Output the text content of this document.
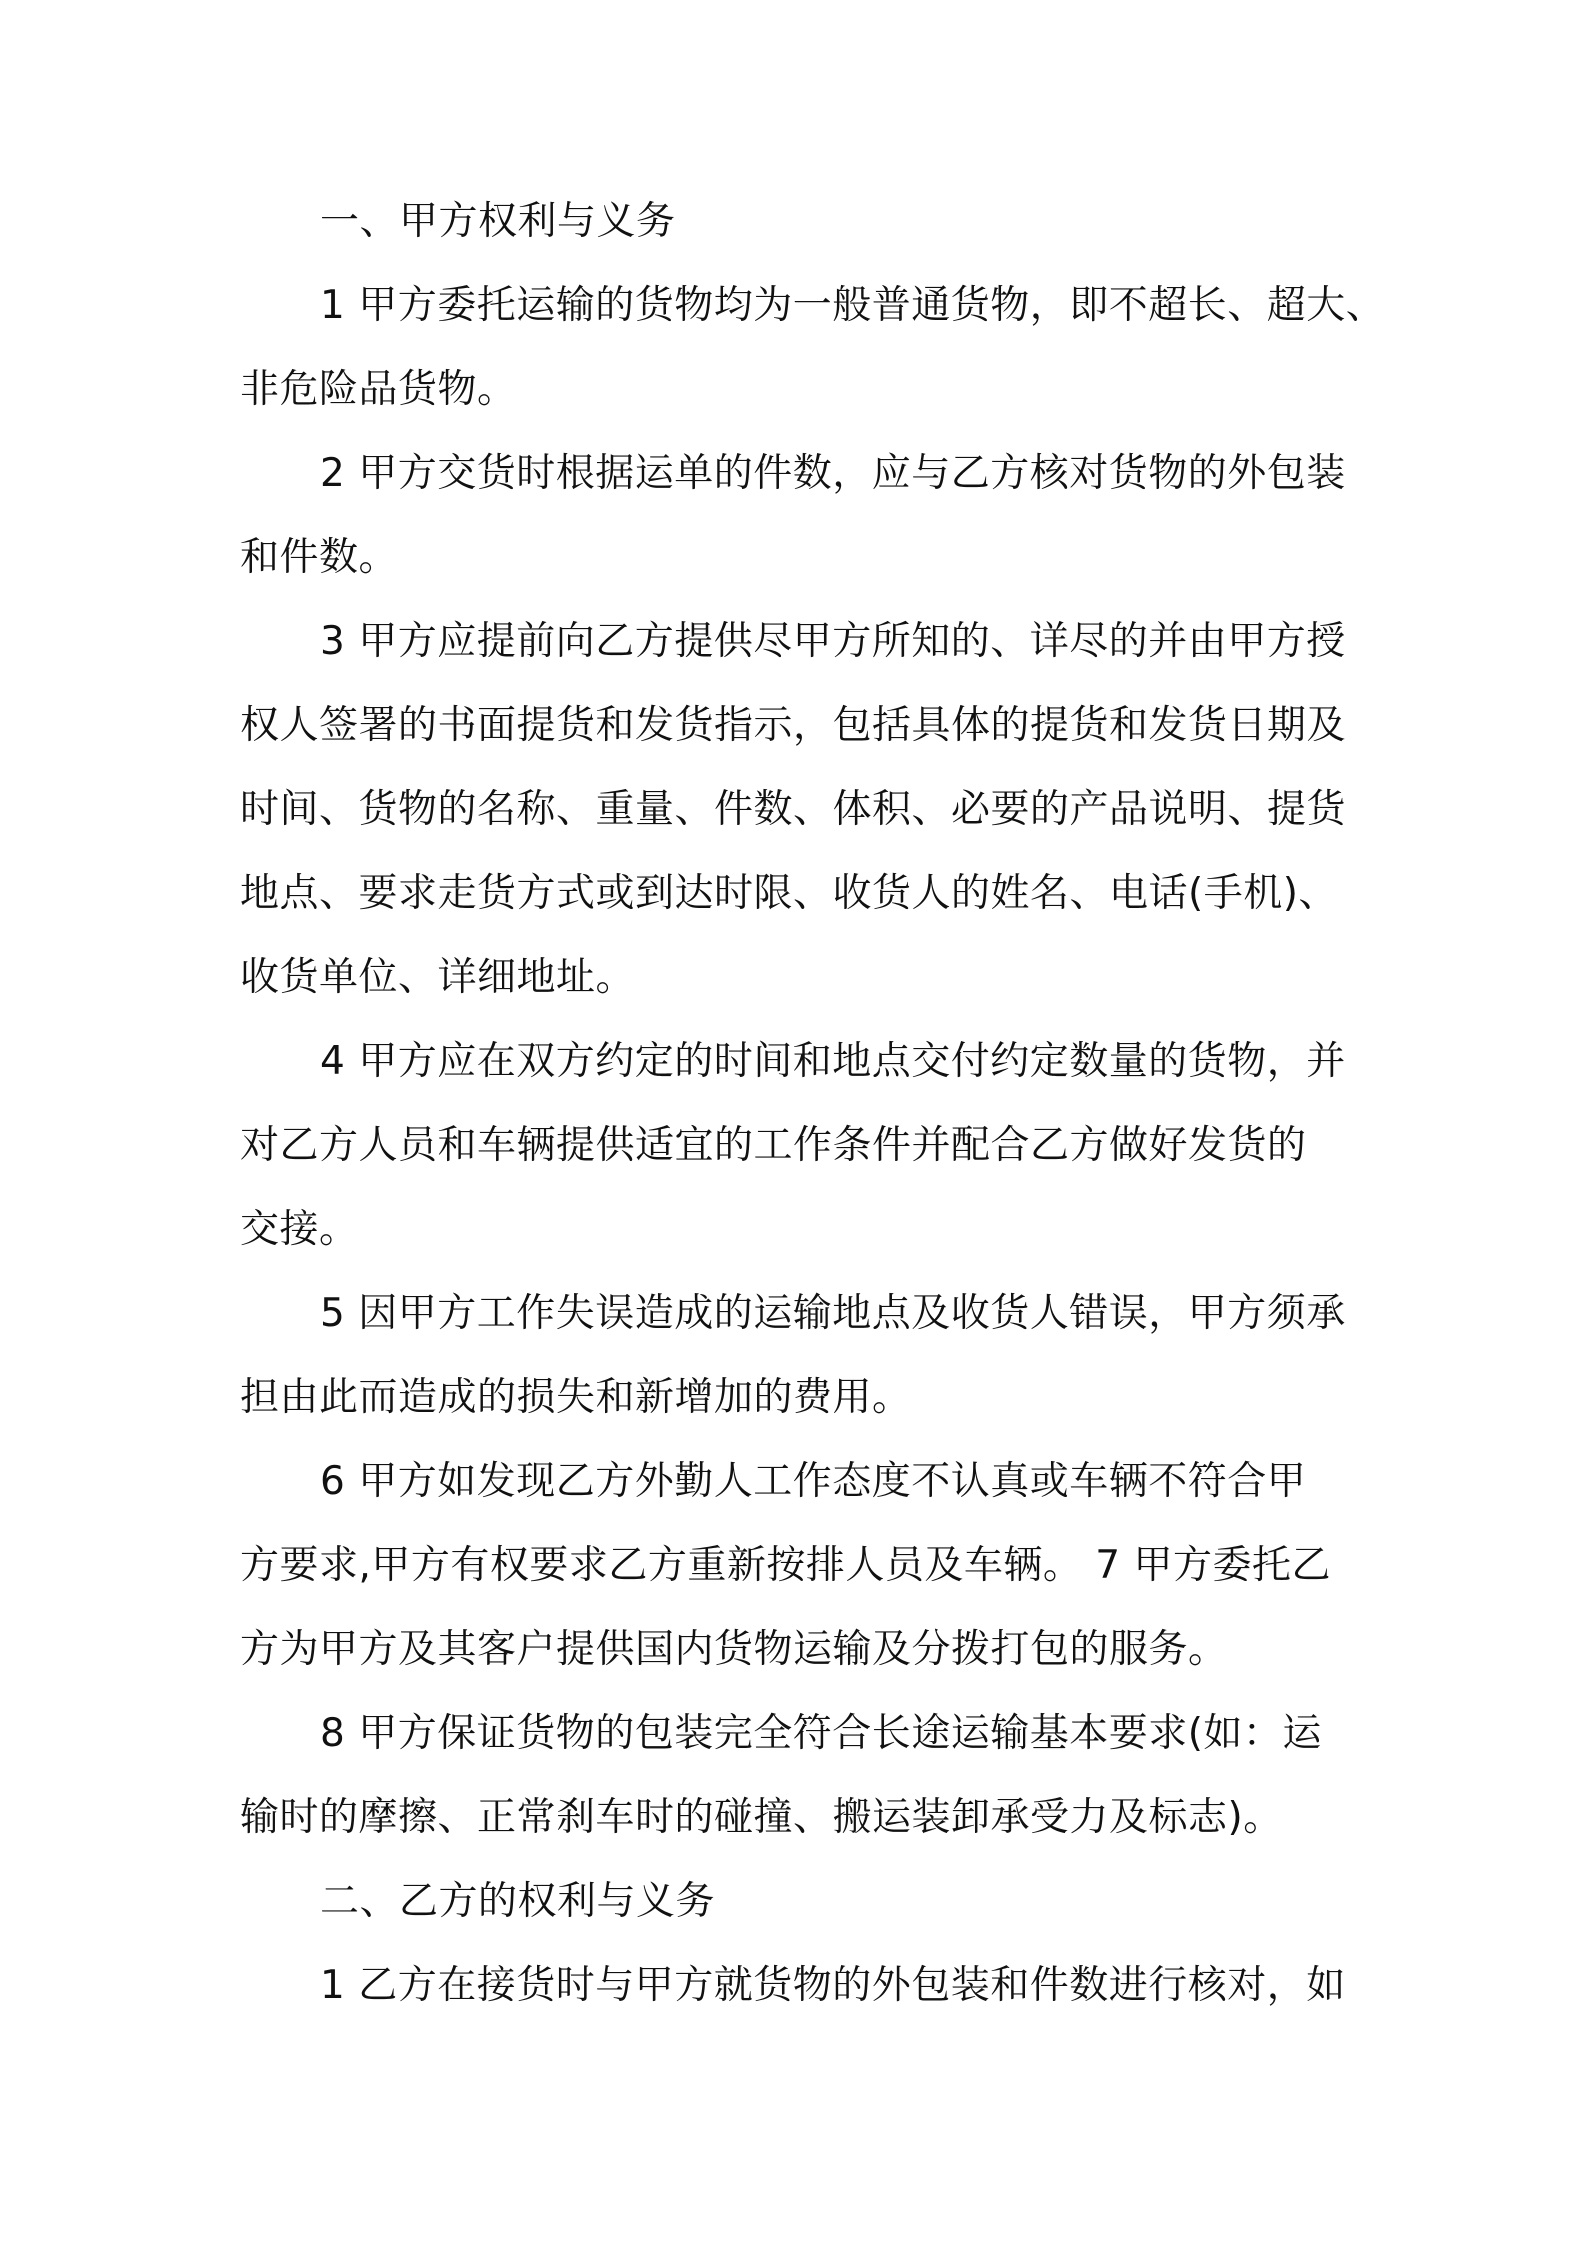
一、甲方权利与义务
1 甲方委托运输的货物均为一般普通货物，即不超长、超大、
非危险品货物。
2 甲方交货时根据运单的件数，应与乙方核对货物的外包装
和件数。
3 甲方应提前向乙方提供尽甲方所知的、详尽的并由甲方授
权人签署的书面提货和发货指示，包括具体的提货和发货日期及
时间、货物的名称、重量、件数、体积、必要的产品说明、提货
地点、要求走货方式或到达时限、收货人的姓名、电话(手机)、
收货单位、详细地址。
4 甲方应在双方约定的时间和地点交付约定数量的货物，并
对乙方人员和车辆提供适宜的工作条件并配合乙方做好发货的
交接。
5 因甲方工作失误造成的运输地点及收货人错误，甲方须承
担由此而造成的损失和新增加的费用。
6 甲方如发现乙方外勤人工作态度不认真或车辆不符合甲
方要求,甲方有权要求乙方重新按排人员及车辆。 7 甲方委托乙
方为甲方及其客户提供国内货物运输及分拨打包的服务。
8 甲方保证货物的包装完全符合长途运输基本要求(如：运
输时的摩擦、正常刹车时的碰撞、搬运装卸承受力及标志)。
二、乙方的权利与义务
1 乙方在接货时与甲方就货物的外包装和件数进行核对，如
